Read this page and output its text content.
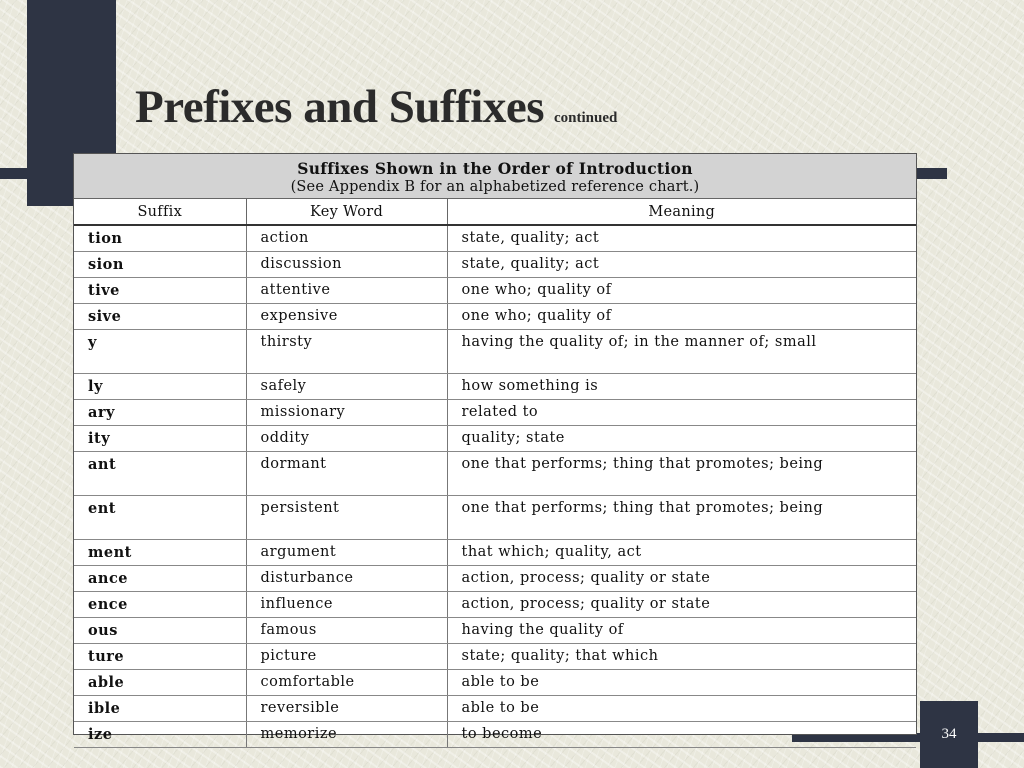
Prefixes and Suffixes continued
Suffixes Shown in the Order of Introduction
(See Appendix B for an alphabetized reference chart.)
Suffix	Key Word	Meaning
tion	action	state, quality; act
sion	discussion	state, quality; act
tive	attentive	one who; quality of
sive	expensive	one who; quality of
y	thirsty	having the quality of; in the manner of; small
ly	safely	how something is
ary	missionary	related to
ity	oddity	quality; state
ant	dormant	one that performs; thing that promotes; being
ent	persistent	one that performs; thing that promotes; being
ment	argument	that which; quality, act
ance	disturbance	action, process; quality or state
ence	influence	action, process; quality or state
ous	famous	having the quality of
ture	picture	state; quality; that which
able	comfortable	able to be
ible	reversible	able to be
ize	memorize	to become	34
